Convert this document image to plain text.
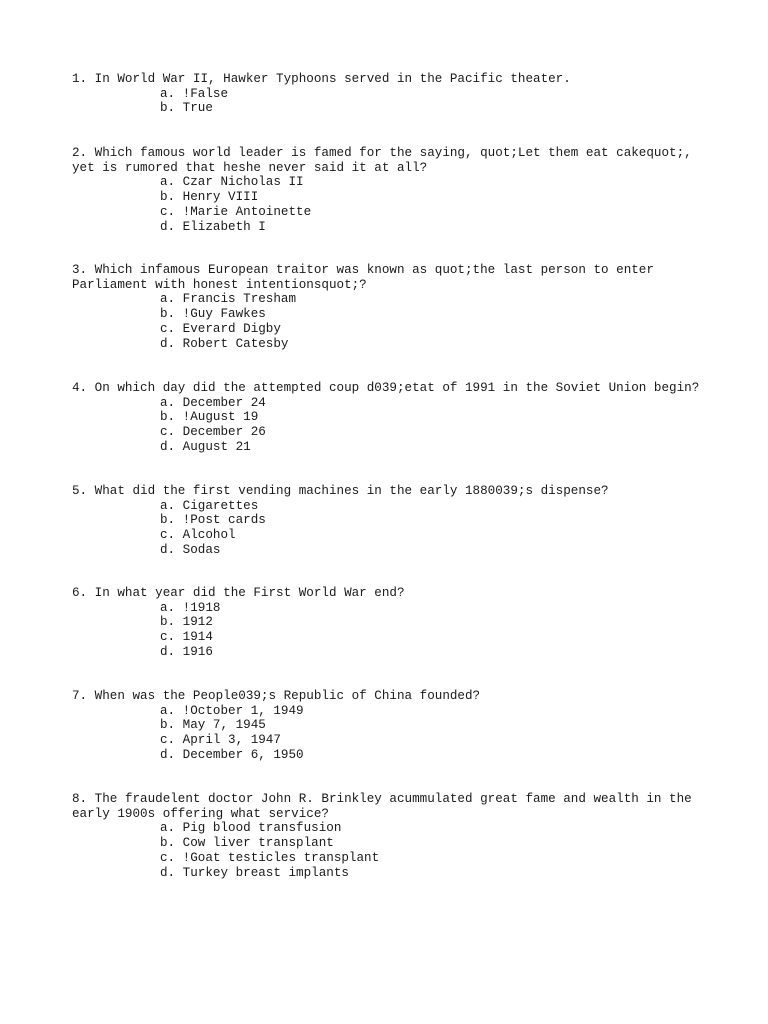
1. In World War II, Hawker Typhoons served in the Pacific theater.

a. !False
b. True

2. Which famous world leader is famed for the saying, quot;Let them eat cakequot;, yet is rumored that heshe never said it at all?

a. Czar Nicholas II
b. Henry VIII
c. !Marie Antoinette
d. Elizabeth I

3. Which infamous European traitor was known as quot;the last person to enter Parliament with honest intentionsquot;?

a. Francis Tresham
b. !Guy Fawkes
c. Everard Digby
d. Robert Catesby

4. On which day did the attempted coup d039;etat of 1991 in the Soviet Union begin?

a. December 24
b. !August 19
c. December 26
d. August 21

5. What did the first vending machines in the early 1880039;s dispense?

a. Cigarettes
b. !Post cards
c. Alcohol
d. Sodas

6. In what year did the First World War end?

a. !1918
b. 1912
c. 1914
d. 1916

7. When was the People039;s Republic of China founded?

a. !October 1, 1949
b. May 7, 1945
c. April 3, 1947
d. December 6, 1950

8. The fraudelent doctor John R. Brinkley acummulated great fame and wealth in the early 1900s offering what service?

a. Pig blood transfusion
b. Cow liver transplant
c. !Goat testicles transplant
d. Turkey breast implants
